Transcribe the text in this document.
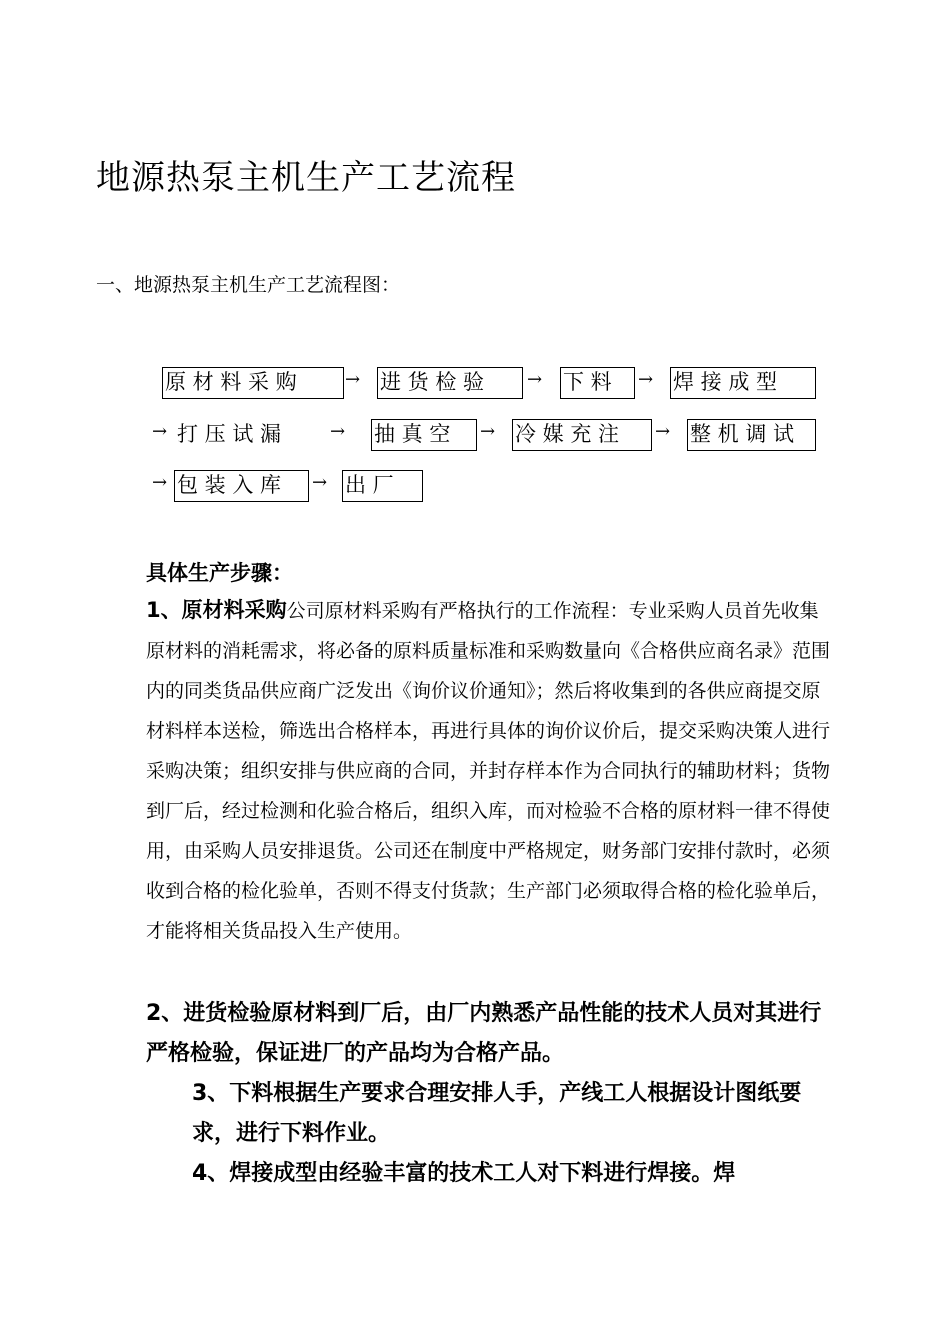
地源热泵主机生产工艺流程
一、地源热泵主机生产工艺流程图：
原 材 料 采 购	→ 进 货 检 验	→ 下 料	→ 焊 接 成 型
→ 打 压 试 漏	→ 抽 真 空	→ 冷 媒 充 注	→ 整 机 调 试
→ 包 装 入 库	→ 出 厂
具体生产步骤：
1、原材料采购公司原材料采购有严格执行的工作流程：专业采购人员首先收集原材料的消耗需求，将必备的原料质量标准和采购数量向《合格供应商名录》范围内的同类货品供应商广泛发出《询价议价通知》；然后将收集到的各供应商提交原材料样本送检，筛选出合格样本，再进行具体的询价议价后，提交采购决策人进行采购决策；组织安排与供应商的合同，并封存样本作为合同执行的辅助材料；货物到厂后，经过检测和化验合格后，组织入库，而对检验不合格的原材料一律不得使用，由采购人员安排退货。公司还在制度中严格规定，财务部门安排付款时，必须收到合格的检化验单，否则不得支付货款；生产部门必须取得合格的检化验单后，才能将相关货品投入生产使用。
2、进货检验原材料到厂后，由厂内熟悉产品性能的技术人员对其进行严格检验，保证进厂的产品均为合格产品。
3、下料根据生产要求合理安排人手，产线工人根据设计图纸要求，进行下料作业。
4、焊接成型由经验丰富的技术工人对下料进行焊接。焊
